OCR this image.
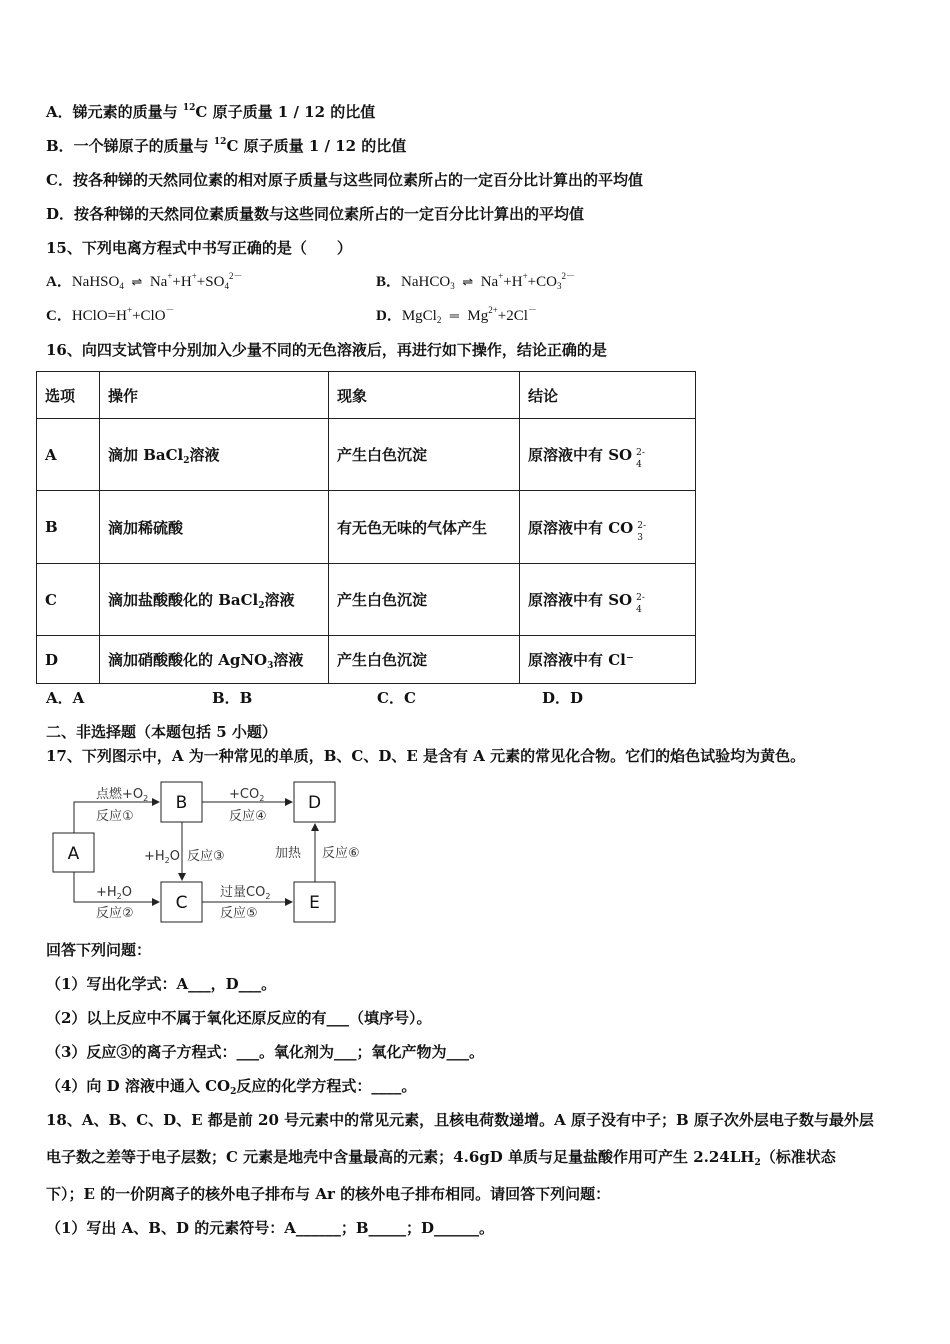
A．锑元素的质量与 $^{12}$C 原子质量 1 / 12 的比值
B．一个锑原子的质量与 $^{12}$C 原子质量 1 / 12 的比值
C．按各种锑的天然同位素的相对原子质量与这些同位素所占的一定百分比计算出的平均值
D．按各种锑的天然同位素质量数与这些同位素所占的一定百分比计算出的平均值
15、下列电离方程式中书写正确的是（　　）
A．NaHSO$_4$ ⇌ $Na^++H^++SO_4^{2-}$	B．NaHCO$_3$ ⇌ $Na^++H^++CO_3^{2-}$
C．HClO=H++ClO－	D．MgCl$_2$ ═ $Mg^{2+}+2Cl^-$
16、向四支试管中分别加入少量不同的无色溶液后，再进行如下操作，结论正确的是
选项	操作	现象	结论
A	滴加 BaCl$_2$溶液	产生白色沉淀	原溶液中有 SO 2-
4

B	滴加稀硫酸	有无色无味的气体产生	原溶液中有 CO 2-
3

C	滴加盐酸酸化的 BaCl$_2$溶液	产生白色沉淀	原溶液中有 SO 2-
4

D	滴加硝酸酸化的 AgNO$_3$溶液	产生白色沉淀	原溶液中有 Cl⁻
A．A	B．B	C．C	D．D
二、非选择题（本题包括 5 小题）
17、下列图示中，A 为一种常见的单质，B、C、D、E 是含有 A 元素的常见化合物。它们的焰色试验均为黄色。
A
B
C
D
E
点燃$+O_2$
反应①
$+H_2O$
反应②
$+H_2O$ 反应③
$+CO_2$
反应④
过量$CO_2$
反应⑤
加热 反应⑥
回答下列问题：
（1）写出化学式：A___，D___。
（2）以上反应中不属于氧化还原反应的有___（填序号）。
（3）反应③的离子方程式：___。氧化剂为___；氧化产物为___。
（4）向 D 溶液中通入 $CO_2$反应的化学方程式：____。
18、A、B、C、D、E 都是前 20 号元素中的常见元素，且核电荷数递增。A 原子没有中子；B 原子次外层电子数与最外层
电子数之差等于电子层数；C 元素是地壳中含量最高的元素；4.6gD 单质与足量盐酸作用可产生 $2.24LH_2$（标准状态
下）；E 的一价阴离子的核外电子排布与 Ar 的核外电子排布相同。请回答下列问题：
（1）写出 A、B、D 的元素符号：A______；B_____；D______。
